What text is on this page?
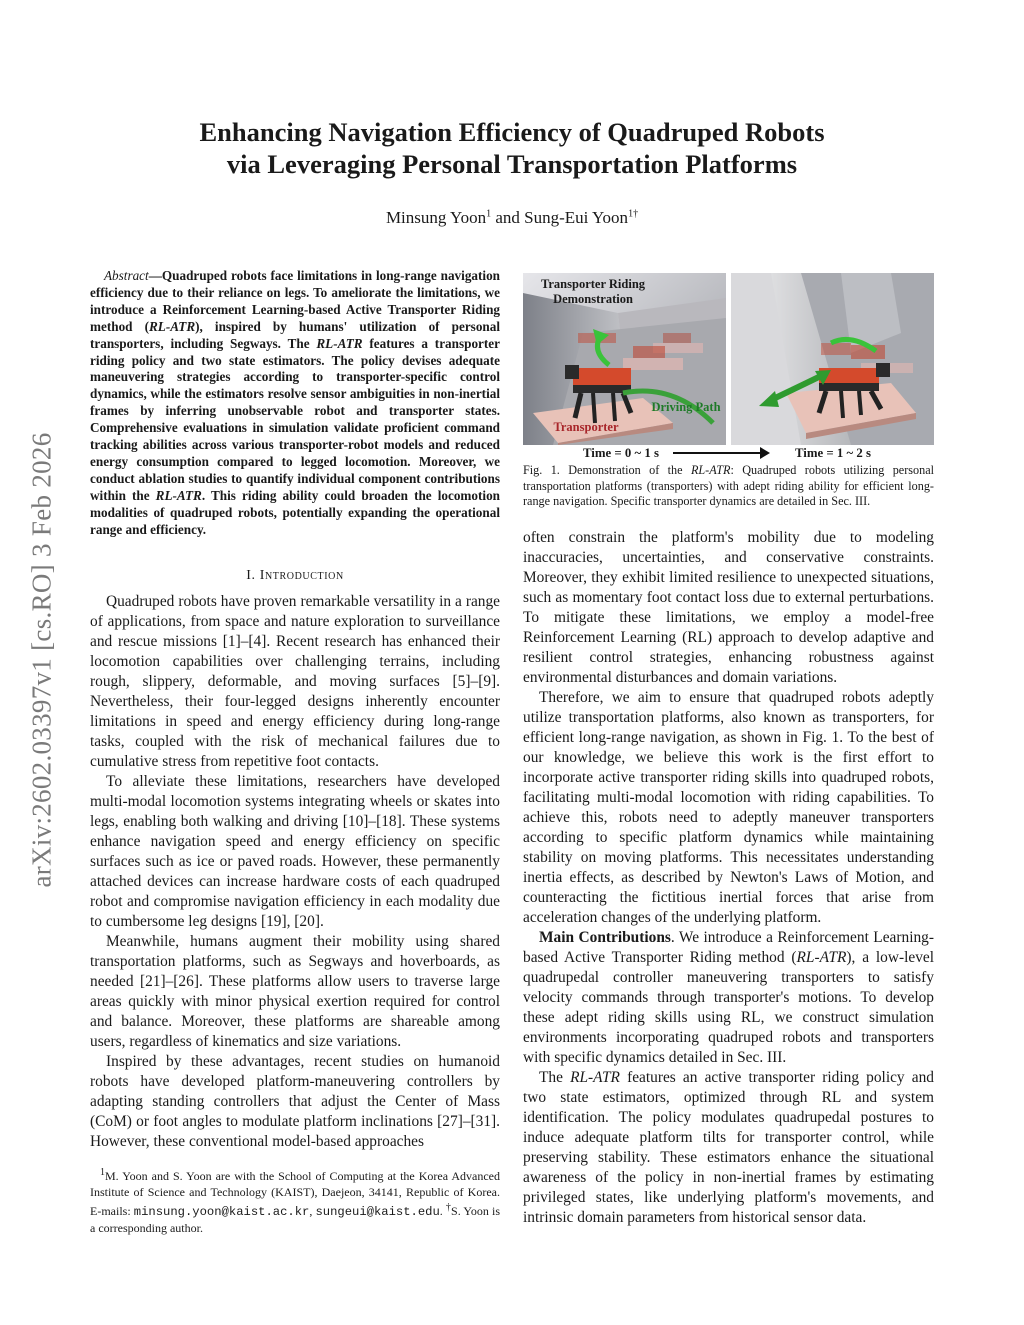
arXiv:2602.03397v1 [cs.RO] 3 Feb 2026
Enhancing Navigation Efficiency of Quadruped Robots
via Leveraging Personal Transportation Platforms
Minsung Yoon$^1$ and Sung-Eui Yoon$^{1\dagger}$

Abstract—Quadruped robots face limitations in long-range navigation efficiency due to their reliance on legs. To ameliorate the limitations, we introduce a Reinforcement Learning-based Active Transporter Riding method (RL-ATR), inspired by humans' utilization of personal transporters, including Segways. The RL-ATR features a transporter riding policy and two state estimators. The policy devises adequate maneuvering strategies according to transporter-specific control dynamics, while the estimators resolve sensor ambiguities in non-inertial frames by inferring unobservable robot and transporter states. Comprehensive evaluations in simulation validate proficient command tracking abilities across various transporter-robot models and reduced energy consumption compared to legged locomotion. Moreover, we conduct ablation studies to quantify individual component contributions within the RL-ATR. This riding ability could broaden the locomotion modalities of quadruped robots, potentially expanding the operational range and efficiency.

I. Introduction

Quadruped robots have proven remarkable versatility in a range of applications, from space and nature exploration to surveillance and rescue missions [1]–[4]. Recent research has enhanced their locomotion capabilities over challenging terrains, including rough, slippery, deformable, and moving surfaces [5]–[9]. Nevertheless, their four-legged designs inherently encounter limitations in speed and energy efficiency during long-range tasks, coupled with the risk of mechanical failures due to cumulative stress from repetitive foot contacts.

To alleviate these limitations, researchers have developed multi-modal locomotion systems integrating wheels or skates into legs, enabling both walking and driving [10]–[18]. These systems enhance navigation speed and energy efficiency on specific surfaces such as ice or paved roads. However, these permanently attached devices can increase hardware costs of each quadruped robot and compromise navigation efficiency in each modality due to cumbersome leg designs [19], [20].

Meanwhile, humans augment their mobility using shared transportation platforms, such as Segways and hoverboards, as needed [21]–[26]. These platforms allow users to traverse large areas quickly with minor physical exertion required for control and balance. Moreover, these platforms are shareable among users, regardless of kinematics and size variations.

Inspired by these advantages, recent studies on humanoid robots have developed platform-maneuvering controllers by adapting standing controllers that adjust the Center of Mass (CoM) or foot angles to modulate platform inclinations [27]–[31]. However, these conventional model-based approaches

$^1$M. Yoon and S. Yoon are with the School of Computing at the Korea Advanced Institute of Science and Technology (KAIST), Daejeon, 34141, Republic of Korea. E-mails: minsung.yoon@kaist.ac.kr, sungeui@kaist.edu. †S. Yoon is a corresponding author.

Transporter Riding Demonstration
Driving Path
Transporter
Time = 0 ~ 1 s	Time = 1 ~ 2 s
Fig. 1. Demonstration of the RL-ATR: Quadruped robots utilizing personal transportation platforms (transporters) with adept riding ability for efficient long-range navigation. Specific transporter dynamics are detailed in Sec. III.

often constrain the platform's mobility due to modeling inaccuracies, uncertainties, and conservative constraints. Moreover, they exhibit limited resilience to unexpected situations, such as momentary foot contact loss due to external perturbations. To mitigate these limitations, we employ a model-free Reinforcement Learning (RL) approach to develop adaptive and resilient control strategies, enhancing robustness against environmental disturbances and domain variations.

Therefore, we aim to ensure that quadruped robots adeptly utilize transportation platforms, also known as transporters, for efficient long-range navigation, as shown in Fig. 1. To the best of our knowledge, we believe this work is the first effort to incorporate active transporter riding skills into quadruped robots, facilitating multi-modal locomotion with riding capabilities. To achieve this, robots need to adeptly maneuver transporters according to specific platform dynamics while maintaining stability on moving platforms. This necessitates understanding inertia effects, as described by Newton's Laws of Motion, and counteracting the fictitious inertial forces that arise from acceleration changes of the underlying platform.

Main Contributions. We introduce a Reinforcement Learning-based Active Transporter Riding method (RL-ATR), a low-level quadrupedal controller maneuvering transporters to satisfy velocity commands through transporter's motions. To develop these adept riding skills using RL, we construct simulation environments incorporating quadruped robots and transporters with specific dynamics detailed in Sec. III.

The RL-ATR features an active transporter riding policy and two state estimators, optimized through RL and system identification. The policy modulates quadrupedal postures to induce adequate platform tilts for transporter control, while preserving stability. These estimators enhance the situational awareness of the policy in non-inertial frames by estimating privileged states, like underlying platform's movements, and intrinsic domain parameters from historical sensor data.
